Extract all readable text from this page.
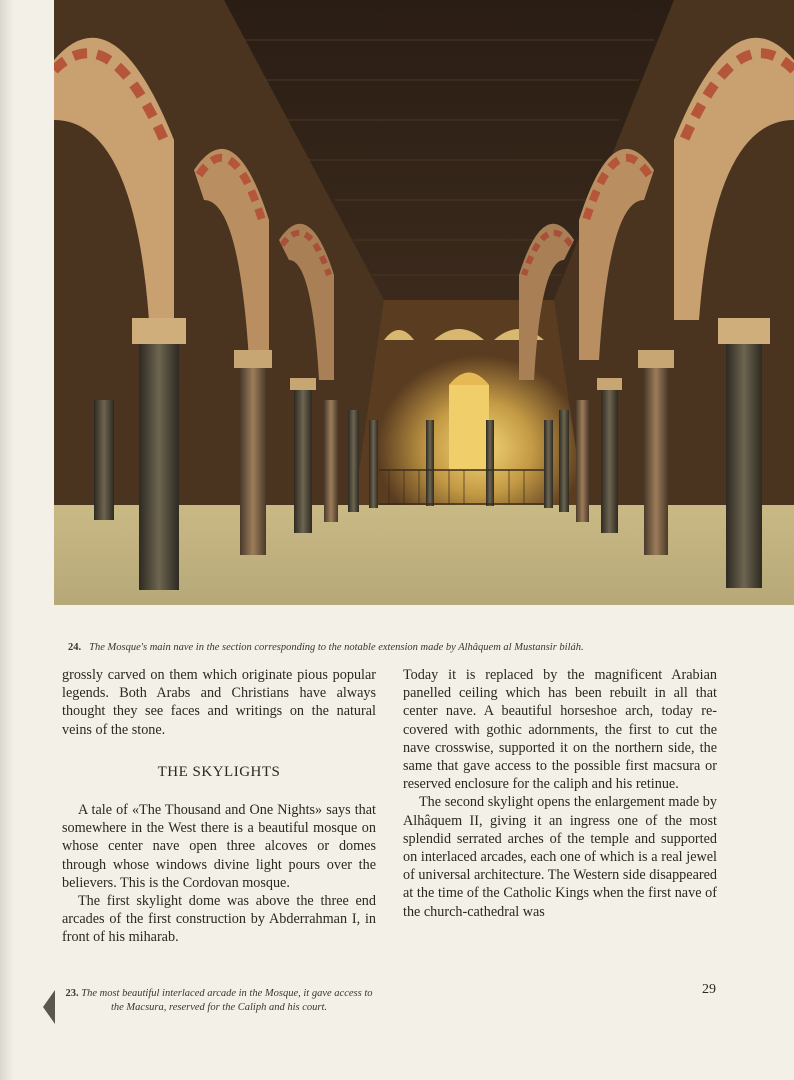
24. The Mosque's main nave in the section corresponding to the notable extension made by Alhâquem al Mustansir biláh.

grossly carved on them which originate pious popular legends. Both Arabs and Christians have always thought they see faces and writings on the natural veins of the stone.

THE SKYLIGHTS

A tale of «The Thousand and One Nights» says that somewhere in the West there is a beautiful mosque on whose center nave open three alcoves or domes through whose windows divine light pours over the believers. This is the Cordovan mosque.

The first skylight dome was above the three end arcades of the first construction by Abderrahman I, in front of his miharab.

Today it is replaced by the magnificent Arabian panelled ceiling which has been rebuilt in all that center nave. A beautiful horseshoe arch, today re-covered with gothic adornments, the first to cut the nave crosswise, supported it on the northern side, the same that gave access to the possible first macsura or reserved enclosure for the caliph and his retinue.

The second skylight opens the enlargement made by Alhâquem II, giving it an ingress one of the most splendid serrated arches of the temple and supported on interlaced arcades, each one of which is a real jewel of universal architecture. The Western side disappeared at the time of the Catholic Kings when the first nave of the church-cathedral was

23. The most beautiful interlaced arcade in the Mosque, it gave access to the Macsura, reserved for the Caliph and his court.
29
